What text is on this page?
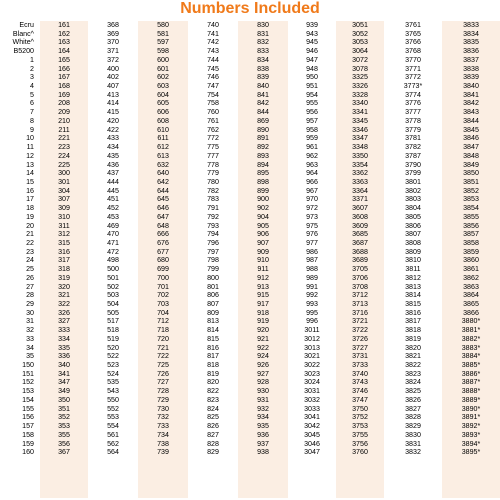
Numbers Included
Ecru
Blanc^
White^
B5200
1
2
3
4
5
6
7
8
9
10
11
12
13
14
15
16
17
18
19
20
21
22
23
24
25
26
27
28
29
30
31
32
33
34
35
150
151
152
153
154
155
156
157
158
159
160
161
162
163
164
165
166
167
168
169
208
209
210
211
221
223
224
225
300
301
304
307
309
310
311
312
315
316
317
318
319
320
321
322
326
327
333
334
335
336
340
341
347
349
350
351
352
353
355
356
367
368
369
370
371
372
400
402
407
413
414
415
420
422
433
434
435
436
437
444
445
451
452
453
469
470
471
472
498
500
501
502
503
504
505
517
518
519
520
522
523
524
535
543
550
552
553
554
561
562
564
580
581
597
598
600
601
602
603
604
605
606
608
610
611
612
613
632
640
642
644
645
646
647
648
666
676
677
680
699
700
701
702
703
704
712
718
720
721
722
725
726
727
728
729
730
732
733
734
738
739
740
741
742
743
744
745
746
747
754
758
760
761
762
772
775
777
778
779
780
782
783
791
792
793
794
796
797
798
799
800
801
806
807
809
813
814
815
816
817
818
819
820
822
823
824
825
826
827
828
829
830
831
832
833
834
838
839
840
841
842
844
869
890
891
892
893
894
895
898
899
900
902
904
905
906
907
909
910
911
912
913
915
917
918
919
920
921
922
924
926
927
928
930
931
932
934
935
936
937
938
939
943
945
946
947
948
950
951
954
955
956
957
958
959
961
962
963
964
966
967
970
972
973
975
976
977
986
987
988
989
991
992
993
995
996
3011
3012
3013
3021
3022
3023
3024
3031
3032
3033
3041
3042
3045
3046
3047
3051
3052
3053
3064
3072
3078
3325
3326
3328
3340
3341
3345
3346
3347
3348
3350
3354
3362
3363
3364
3371
3607
3608
3609
3685
3687
3688
3689
3705
3706
3708
3712
3713
3716
3721
3722
3726
3727
3731
3733
3740
3743
3746
3747
3750
3752
3753
3755
3756
3760
3761
3765
3766
3768
3770
3771
3772
3773*
3774
3776
3777
3778
3779
3781
3782
3787
3790
3799
3801
3802
3803
3804
3805
3806
3807
3808
3809
3810
3811
3812
3813
3814
3815
3816
3817
3818
3819
3820
3821
3822
3823
3824
3825
3826
3827
3828
3829
3830
3831
3832
3833
3834
3835
3836
3837
3838
3839
3840
3841
3842
3843
3844
3845
3846
3847
3848
3849
3850
3851
3852
3853
3854
3855
3856
3857
3858
3859
3860
3861
3862
3863
3864
3865
3866
3880*
3881*
3882*
3883*
3884*
3885*
3886*
3887*
3888*
3889*
3890*
3891*
3892*
3893*
3894*
3895*
